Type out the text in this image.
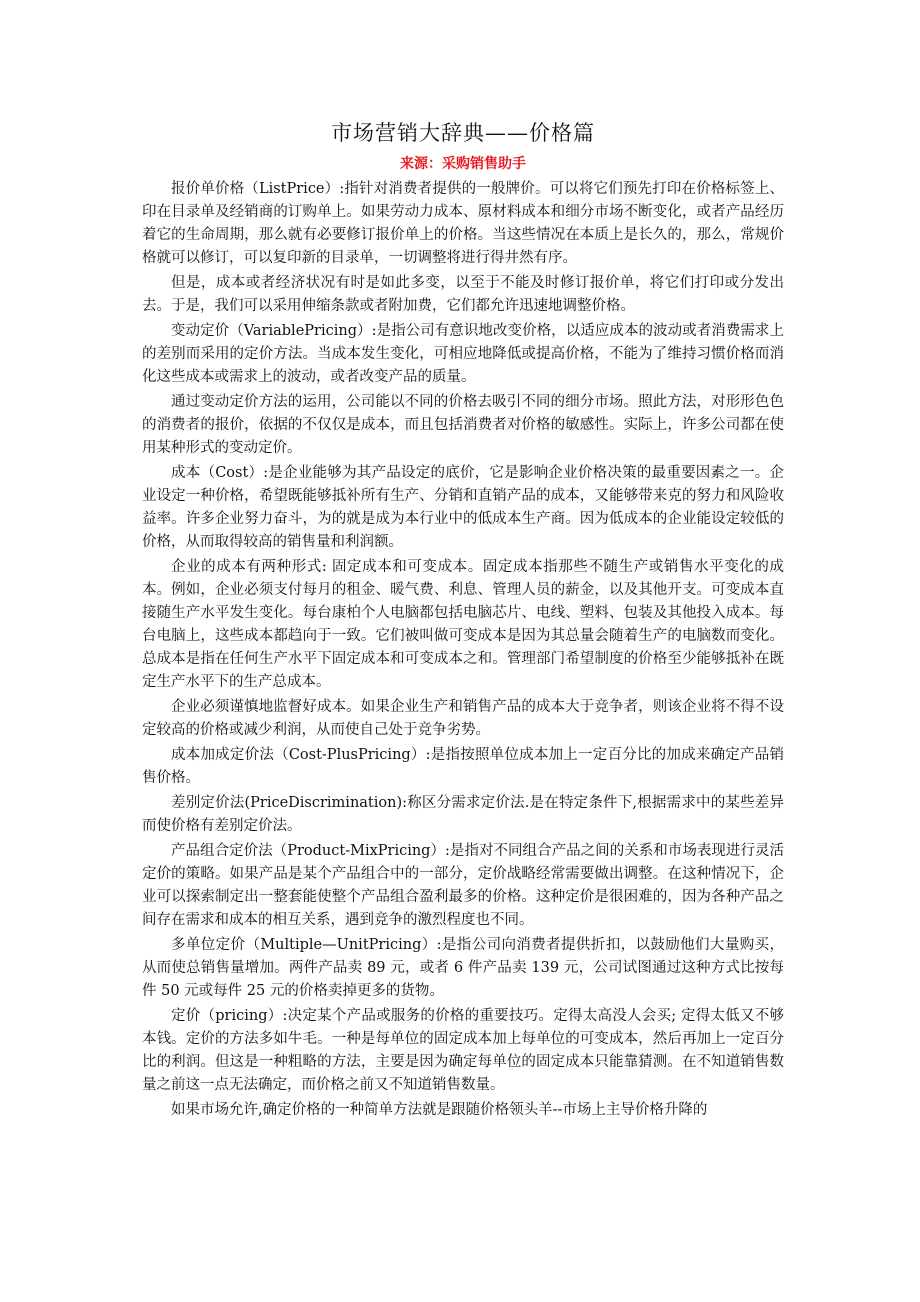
市场营销大辞典——价格篇
来源：采购销售助手

报价单价格（ListPrice）:指针对消费者提供的一般牌价。可以将它们预先打印在价格标签上、印在目录单及经销商的订购单上。如果劳动力成本、原材料成本和细分市场不断变化，或者产品经历着它的生命周期，那么就有必要修订报价单上的价格。当这些情况在本质上是长久的，那么，常规价格就可以修订，可以复印新的目录单，一切调整将进行得井然有序。

但是，成本或者经济状况有时是如此多变，以至于不能及时修订报价单，将它们打印或分发出去。于是，我们可以采用伸缩条款或者附加费，它们都允许迅速地调整价格。

变动定价（VariablePricing）:是指公司有意识地改变价格，以适应成本的波动或者消费需求上的差别而采用的定价方法。当成本发生变化，可相应地降低或提高价格，不能为了维持习惯价格而消化这些成本或需求上的波动，或者改变产品的质量。

通过变动定价方法的运用，公司能以不同的价格去吸引不同的细分市场。照此方法，对形形色色的消费者的报价，依据的不仅仅是成本，而且包括消费者对价格的敏感性。实际上，许多公司都在使用某种形式的变动定价。

成本（Cost）:是企业能够为其产品设定的底价，它是影响企业价格决策的最重要因素之一。企业设定一种价格，希望既能够抵补所有生产、分销和直销产品的成本，又能够带来克的努力和风险收益率。许多企业努力奋斗，为的就是成为本行业中的低成本生产商。因为低成本的企业能设定较低的价格，从而取得较高的销售量和利润额。

企业的成本有两种形式: 固定成本和可变成本。固定成本指那些不随生产或销售水平变化的成本。例如，企业必须支付每月的租金、暖气费、利息、管理人员的薪金，以及其他开支。可变成本直接随生产水平发生变化。每台康柏个人电脑都包括电脑芯片、电线、塑料、包装及其他投入成本。每台电脑上，这些成本都趋向于一致。它们被叫做可变成本是因为其总量会随着生产的电脑数而变化。总成本是指在任何生产水平下固定成本和可变成本之和。管理部门希望制度的价格至少能够抵补在既定生产水平下的生产总成本。

企业必须谨慎地监督好成本。如果企业生产和销售产品的成本大于竞争者，则该企业将不得不设定较高的价格或减少利润，从而使自己处于竞争劣势。

成本加成定价法（Cost-PlusPricing）:是指按照单位成本加上一定百分比的加成来确定产品销售价格。

差别定价法(PriceDiscrimination):称区分需求定价法.是在特定条件下,根据需求中的某些差异而使价格有差别定价法。

产品组合定价法（Product-MixPricing）:是指对不同组合产品之间的关系和市场表现进行灵活定价的策略。如果产品是某个产品组合中的一部分，定价战略经常需要做出调整。在这种情况下，企业可以探索制定出一整套能使整个产品组合盈利最多的价格。这种定价是很困难的，因为各种产品之间存在需求和成本的相互关系，遇到竞争的激烈程度也不同。

多单位定价（Multiple—UnitPricing）:是指公司向消费者提供折扣，以鼓励他们大量购买，从而使总销售量增加。两件产品卖 89 元，或者 6 件产品卖 139 元，公司试图通过这种方式比按每件 50 元或每件 25 元的价格卖掉更多的货物。

定价（pricing）:决定某个产品或服务的价格的重要技巧。定得太高没人会买; 定得太低又不够本钱。定价的方法多如牛毛。一种是每单位的固定成本加上每单位的可变成本，然后再加上一定百分比的利润。但这是一种粗略的方法，主要是因为确定每单位的固定成本只能靠猜测。在不知道销售数量之前这一点无法确定，而价格之前又不知道销售数量。

如果市场允许,确定价格的一种简单方法就是跟随价格领头羊--市场上主导价格升降的
